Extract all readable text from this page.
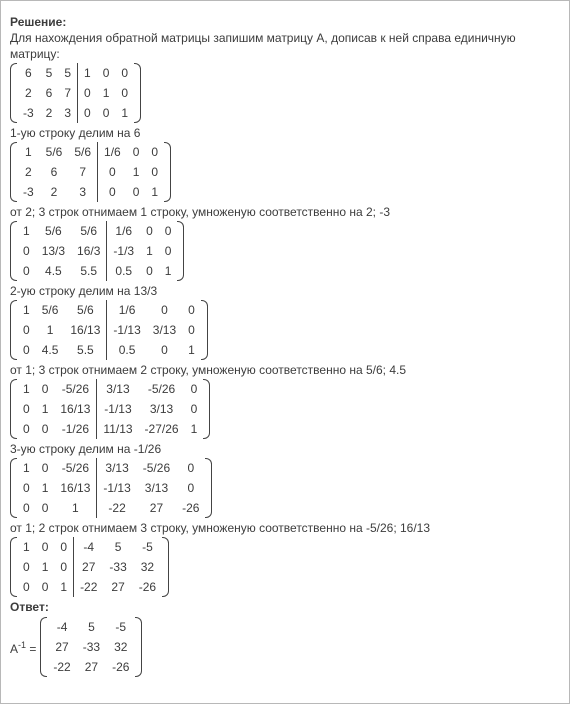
Решение:
Для нахождения обратной матрицы запишим матрицу А, дописав к ней справа единичную матрицу:
6	5	5	1	0	0
2	6	7	0	1	0
-3	2	3	0	0	1
1-ую строку делим на 6
1	5/6	5/6	1/6	0	0
2	6	7	0	1	0
-3	2	3	0	0	1
от 2; 3 строк отнимаем 1 строку, умноженую соответственно на 2; -3
1	5/6	5/6	1/6	0	0
0	13/3	16/3	-1/3	1	0
0	4.5	5.5	0.5	0	1
2-ую строку делим на 13/3
1	5/6	5/6	1/6	0	0
0	1	16/13	-1/13	3/13	0
0	4.5	5.5	0.5	0	1
от 1; 3 строк отнимаем 2 строку, умноженую соответственно на 5/6; 4.5
1	0	-5/26	3/13	-5/26	0
0	1	16/13	-1/13	3/13	0
0	0	-1/26	11/13	-27/26	1
3-ую строку делим на -1/26
1	0	-5/26	3/13	-5/26	0
0	1	16/13	-1/13	3/13	0
0	0	1	-22	27	-26
от 1; 2 строк отнимаем 3 строку, умноженую соответственно на -5/26; 16/13
1	0	0	-4	5	-5
0	1	0	27	-33	32
0	0	1	-22	27	-26
Ответ:
$A^{-1}$ =
-4	5	-5
27	-33	32
-22	27	-26
